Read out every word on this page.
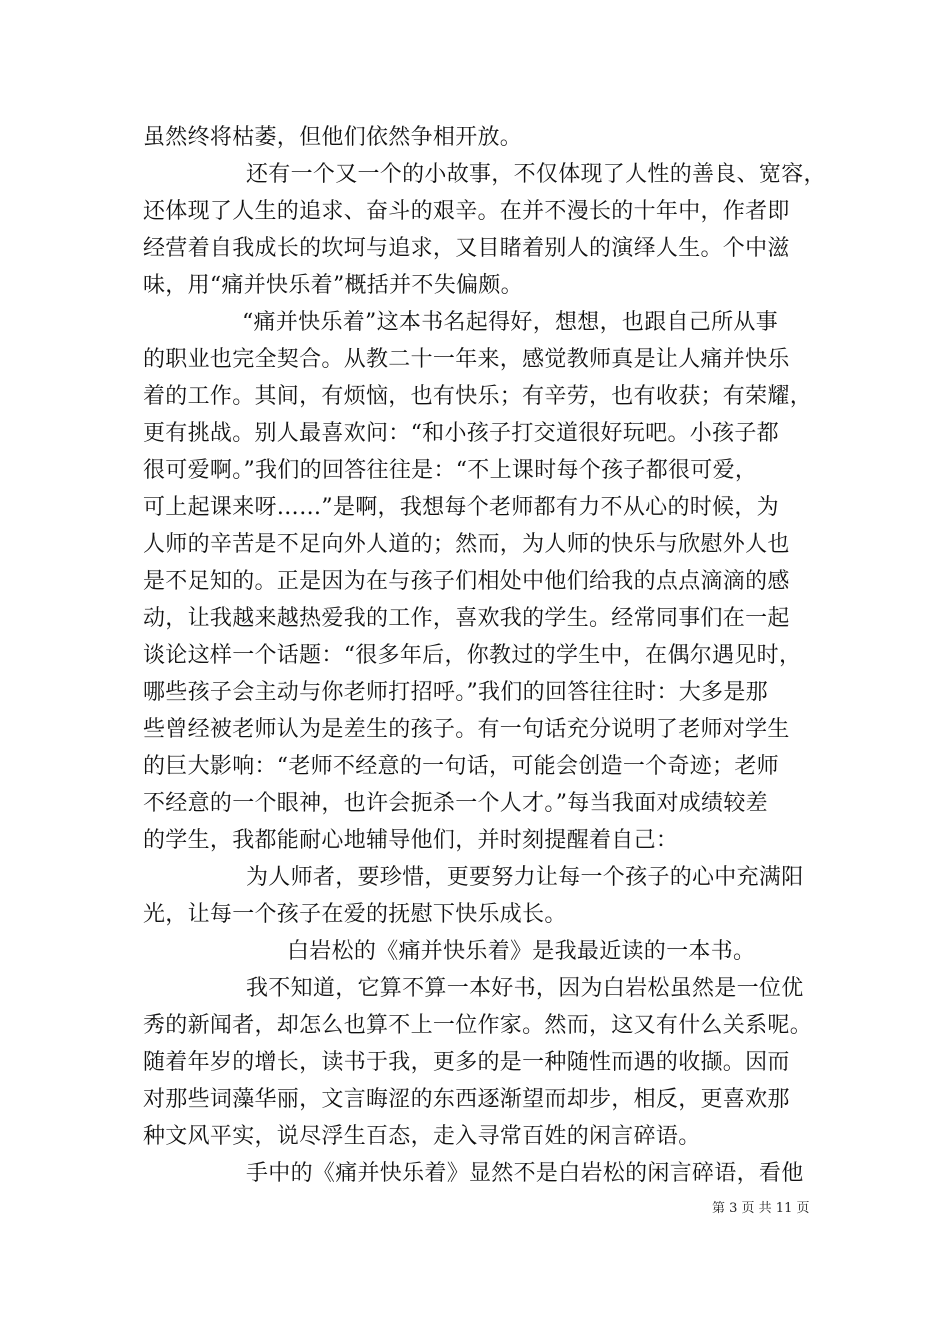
虽然终将枯萎，但他们依然争相开放。
还有一个又一个的小故事，不仅体现了人性的善良、宽容，
还体现了人生的追求、奋斗的艰辛。在并不漫长的十年中，作者即
经营着自我成长的坎坷与追求，又目睹着别人的演绎人生。个中滋
味，用“痛并快乐着”概括并不失偏颇。
“痛并快乐着”这本书名起得好，想想，也跟自己所从事
的职业也完全契合。从教二十一年来，感觉教师真是让人痛并快乐
着的工作。其间，有烦恼，也有快乐；有辛劳，也有收获；有荣耀，
更有挑战。别人最喜欢问：“和小孩子打交道很好玩吧。小孩子都
很可爱啊。”我们的回答往往是：“不上课时每个孩子都很可爱，
可上起课来呀……”是啊，我想每个老师都有力不从心的时候，为
人师的辛苦是不足向外人道的；然而，为人师的快乐与欣慰外人也
是不足知的。正是因为在与孩子们相处中他们给我的点点滴滴的感
动，让我越来越热爱我的工作，喜欢我的学生。经常同事们在一起
谈论这样一个话题：“很多年后，你教过的学生中，在偶尔遇见时，
哪些孩子会主动与你老师打招呼。”我们的回答往往时：大多是那
些曾经被老师认为是差生的孩子。有一句话充分说明了老师对学生
的巨大影响：“老师不经意的一句话，可能会创造一个奇迹；老师
不经意的一个眼神，也许会扼杀一个人才。”每当我面对成绩较差
的学生，我都能耐心地辅导他们，并时刻提醒着自己：
为人师者，要珍惜，更要努力让每一个孩子的心中充满阳
光，让每一个孩子在爱的抚慰下快乐成长。
白岩松的《痛并快乐着》是我最近读的一本书。
我不知道，它算不算一本好书，因为白岩松虽然是一位优
秀的新闻者，却怎么也算不上一位作家。然而，这又有什么关系呢。
随着年岁的增长，读书于我，更多的是一种随性而遇的收撷。因而
对那些词藻华丽，文言晦涩的东西逐渐望而却步，相反，更喜欢那
种文风平实，说尽浮生百态，走入寻常百姓的闲言碎语。
手中的《痛并快乐着》显然不是白岩松的闲言碎语，看他
第 3 页 共 11 页
